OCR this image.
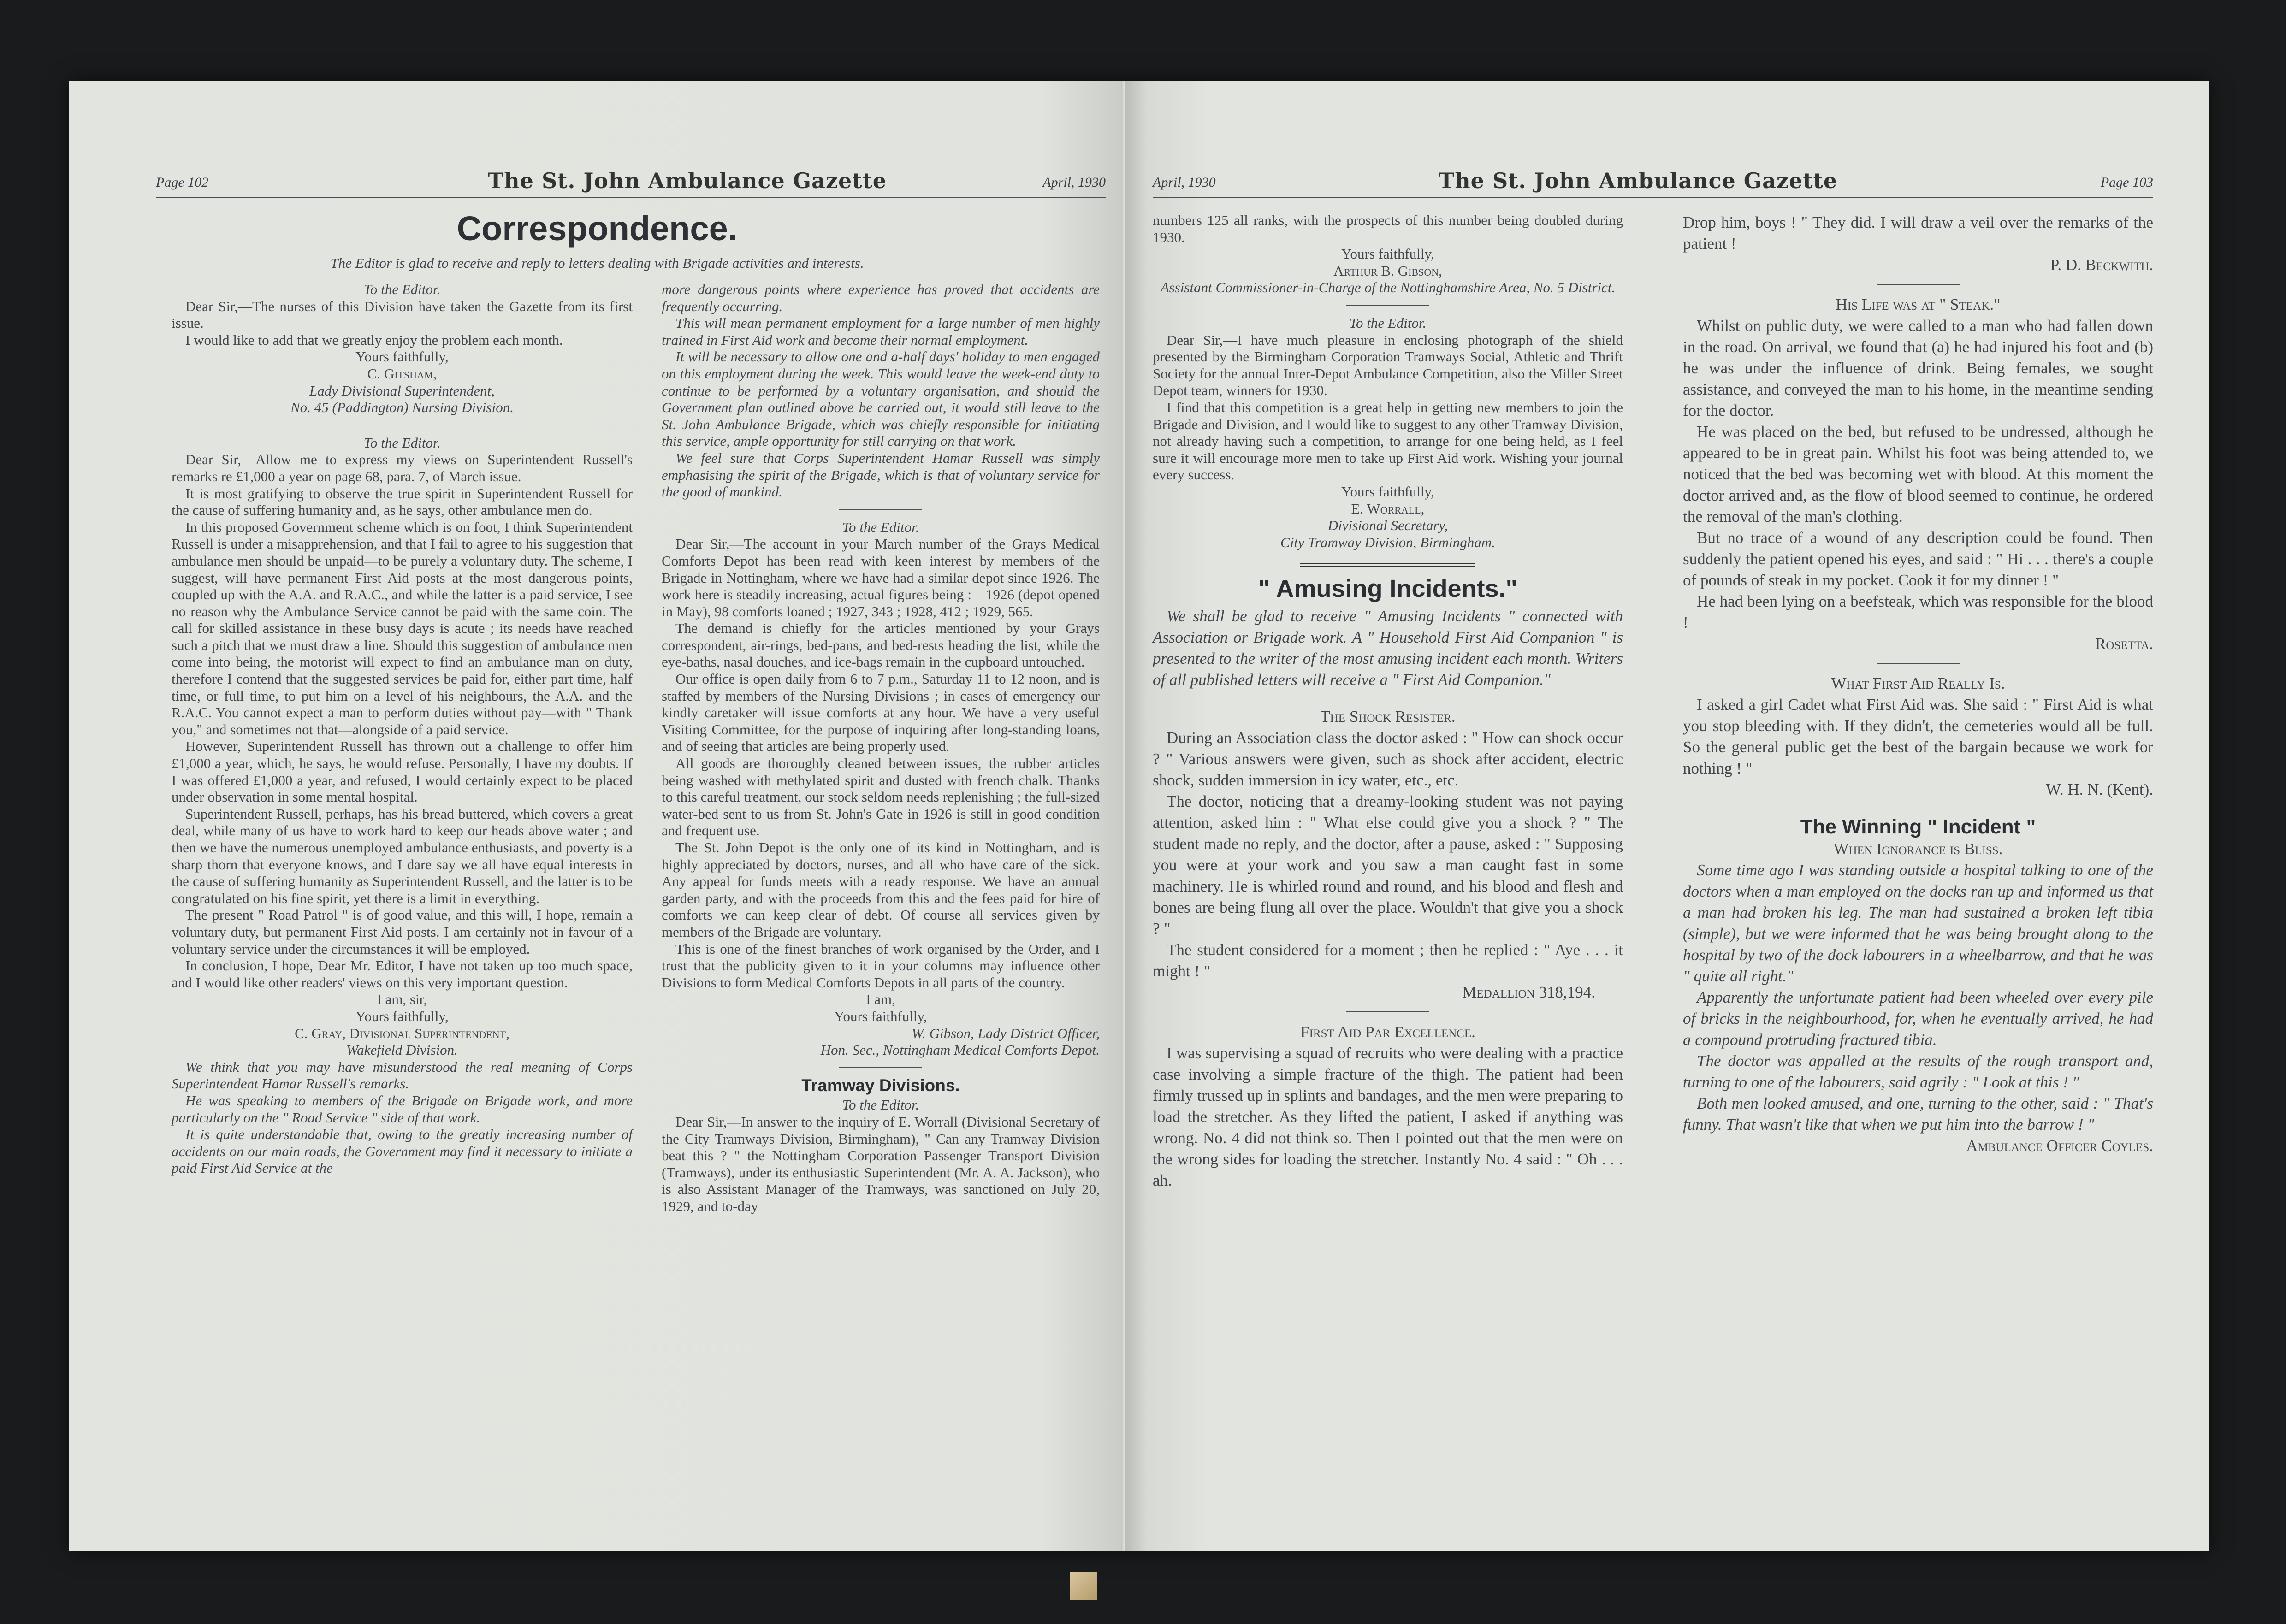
Page 102	The St. John Ambulance Gazette	April, 1930
Correspondence.
The Editor is glad to receive and reply to letters dealing with Brigade activities and interests.

To the Editor.

Dear Sir,—The nurses of this Division have taken the Gazette from its first issue.

I would like to add that we greatly enjoy the problem each month.

Yours faithfully,

C. Gitsham,

Lady Divisional Superintendent,

No. 45 (Paddington) Nursing Division.

To the Editor.

Dear Sir,—Allow me to express my views on Superintendent Russell's remarks re £1,000 a year on page 68, para. 7, of March issue.

It is most gratifying to observe the true spirit in Superintendent Russell for the cause of suffering humanity and, as he says, other ambulance men do.

In this proposed Government scheme which is on foot, I think Superintendent Russell is under a misapprehension, and that I fail to agree to his suggestion that ambulance men should be unpaid—to be purely a voluntary duty. The scheme, I suggest, will have permanent First Aid posts at the most dangerous points, coupled up with the A.A. and R.A.C., and while the latter is a paid service, I see no reason why the Ambulance Service cannot be paid with the same coin. The call for skilled assistance in these busy days is acute ; its needs have reached such a pitch that we must draw a line. Should this suggestion of ambulance men come into being, the motorist will expect to find an ambulance man on duty, therefore I contend that the suggested services be paid for, either part time, half time, or full time, to put him on a level of his neighbours, the A.A. and the R.A.C. You cannot expect a man to perform duties without pay—with " Thank you," and sometimes not that—alongside of a paid service.

However, Superintendent Russell has thrown out a challenge to offer him £1,000 a year, which, he says, he would refuse. Personally, I have my doubts. If I was offered £1,000 a year, and refused, I would certainly expect to be placed under observation in some mental hospital.

Superintendent Russell, perhaps, has his bread buttered, which covers a great deal, while many of us have to work hard to keep our heads above water ; and then we have the numerous unemployed ambulance enthusiasts, and poverty is a sharp thorn that everyone knows, and I dare say we all have equal interests in the cause of suffering humanity as Superintendent Russell, and the latter is to be congratulated on his fine spirit, yet there is a limit in everything.

The present " Road Patrol " is of good value, and this will, I hope, remain a voluntary duty, but permanent First Aid posts. I am certainly not in favour of a voluntary service under the circumstances it will be employed.

In conclusion, I hope, Dear Mr. Editor, I have not taken up too much space, and I would like other readers' views on this very important question.

I am, sir,

Yours faithfully,

C. Gray, Divisional Superintendent,

Wakefield Division.

We think that you may have misunderstood the real meaning of Corps Superintendent Hamar Russell's remarks.

He was speaking to members of the Brigade on Brigade work, and more particularly on the " Road Service " side of that work.

It is quite understandable that, owing to the greatly increasing number of accidents on our main roads, the Government may find it necessary to initiate a paid First Aid Service at the

more dangerous points where experience has proved that accidents are frequently occurring.

This will mean permanent employment for a large number of men highly trained in First Aid work and become their normal employment.

It will be necessary to allow one and a-half days' holiday to men engaged on this employment during the week. This would leave the week-end duty to continue to be performed by a voluntary organisation, and should the Government plan outlined above be carried out, it would still leave to the St. John Ambulance Brigade, which was chiefly responsible for initiating this service, ample opportunity for still carrying on that work.

We feel sure that Corps Superintendent Hamar Russell was simply emphasising the spirit of the Brigade, which is that of voluntary service for the good of mankind.

To the Editor.

Dear Sir,—The account in your March number of the Grays Medical Comforts Depot has been read with keen interest by members of the Brigade in Nottingham, where we have had a similar depot since 1926. The work here is steadily increasing, actual figures being :—1926 (depot opened in May), 98 comforts loaned ; 1927, 343 ; 1928, 412 ; 1929, 565.

The demand is chiefly for the articles mentioned by your Grays correspondent, air-rings, bed-pans, and bed-rests heading the list, while the eye-baths, nasal douches, and ice-bags remain in the cupboard untouched.

Our office is open daily from 6 to 7 p.m., Saturday 11 to 12 noon, and is staffed by members of the Nursing Divisions ; in cases of emergency our kindly caretaker will issue comforts at any hour. We have a very useful Visiting Committee, for the purpose of inquiring after long-standing loans, and of seeing that articles are being properly used.

All goods are thoroughly cleaned between issues, the rubber articles being washed with methylated spirit and dusted with french chalk. Thanks to this careful treatment, our stock seldom needs replenishing ; the full-sized water-bed sent to us from St. John's Gate in 1926 is still in good condition and frequent use.

The St. John Depot is the only one of its kind in Nottingham, and is highly appreciated by doctors, nurses, and all who have care of the sick. Any appeal for funds meets with a ready response. We have an annual garden party, and with the proceeds from this and the fees paid for hire of comforts we can keep clear of debt. Of course all services given by members of the Brigade are voluntary.

This is one of the finest branches of work organised by the Order, and I trust that the publicity given to it in your columns may influence other Divisions to form Medical Comforts Depots in all parts of the country.

I am,

Yours faithfully,

W. Gibson, Lady District Officer,

Hon. Sec., Nottingham Medical Comforts Depot.

Tramway Divisions.

To the Editor.

Dear Sir,—In answer to the inquiry of E. Worrall (Divisional Secretary of the City Tramways Division, Birmingham), " Can any Tramway Division beat this ? " the Nottingham Corporation Passenger Transport Division (Tramways), under its enthusiastic Superintendent (Mr. A. A. Jackson), who is also Assistant Manager of the Tramways, was sanctioned on July 20, 1929, and to-day

April, 1930	The St. John Ambulance Gazette	Page 103

numbers 125 all ranks, with the prospects of this number being doubled during 1930.

Yours faithfully,

Arthur B. Gibson,

Assistant Commissioner-in-Charge of the Nottinghamshire Area, No. 5 District.

To the Editor.

Dear Sir,—I have much pleasure in enclosing photograph of the shield presented by the Birmingham Corporation Tramways Social, Athletic and Thrift Society for the annual Inter-Depot Ambulance Competition, also the Miller Street Depot team, winners for 1930.

I find that this competition is a great help in getting new members to join the Brigade and Division, and I would like to suggest to any other Tramway Division, not already having such a competition, to arrange for one being held, as I feel sure it will encourage more men to take up First Aid work. Wishing your journal every success.

Yours faithfully,

E. Worrall,

Divisional Secretary,

City Tramway Division, Birmingham.

" Amusing Incidents."

We shall be glad to receive " Amusing Incidents " connected with Association or Brigade work. A " Household First Aid Companion " is presented to the writer of the most amusing incident each month. Writers of all published letters will receive a " First Aid Companion."

The Shock Resister.

During an Association class the doctor asked : " How can shock occur ? " Various answers were given, such as shock after accident, electric shock, sudden immersion in icy water, etc., etc.

The doctor, noticing that a dreamy-looking student was not paying attention, asked him : " What else could give you a shock ? " The student made no reply, and the doctor, after a pause, asked : " Supposing you were at your work and you saw a man caught fast in some machinery. He is whirled round and round, and his blood and flesh and bones are being flung all over the place. Wouldn't that give you a shock ? "

The student considered for a moment ; then he replied : " Aye . . . it might ! "

Medallion 318,194.

First Aid Par Excellence.

I was supervising a squad of recruits who were dealing with a practice case involving a simple fracture of the thigh. The patient had been firmly trussed up in splints and bandages, and the men were preparing to load the stretcher. As they lifted the patient, I asked if anything was wrong. No. 4 did not think so. Then I pointed out that the men were on the wrong sides for loading the stretcher. Instantly No. 4 said : " Oh . . . ah.

Drop him, boys ! " They did. I will draw a veil over the remarks of the patient !

P. D. Beckwith.

His Life was at " Steak."

Whilst on public duty, we were called to a man who had fallen down in the road. On arrival, we found that (a) he had injured his foot and (b) he was under the influence of drink. Being females, we sought assistance, and conveyed the man to his home, in the meantime sending for the doctor.

He was placed on the bed, but refused to be undressed, although he appeared to be in great pain. Whilst his foot was being attended to, we noticed that the bed was becoming wet with blood. At this moment the doctor arrived and, as the flow of blood seemed to continue, he ordered the removal of the man's clothing.

But no trace of a wound of any description could be found. Then suddenly the patient opened his eyes, and said : " Hi . . . there's a couple of pounds of steak in my pocket. Cook it for my dinner ! "

He had been lying on a beefsteak, which was responsible for the blood !

Rosetta.

What First Aid Really Is.

I asked a girl Cadet what First Aid was. She said : " First Aid is what you stop bleeding with. If they didn't, the cemeteries would all be full. So the general public get the best of the bargain because we work for nothing ! "

W. H. N. (Kent).

The Winning " Incident "

When Ignorance is Bliss.

Some time ago I was standing outside a hospital talking to one of the doctors when a man employed on the docks ran up and informed us that a man had broken his leg. The man had sustained a broken left tibia (simple), but we were informed that he was being brought along to the hospital by two of the dock labourers in a wheelbarrow, and that he was " quite all right."

Apparently the unfortunate patient had been wheeled over every pile of bricks in the neighbourhood, for, when he eventually arrived, he had a compound protruding fractured tibia.

The doctor was appalled at the results of the rough transport and, turning to one of the labourers, said agrily : " Look at this ! "

Both men looked amused, and one, turning to the other, said : " That's funny. That wasn't like that when we put him into the barrow ! "

Ambulance Officer Coyles.
